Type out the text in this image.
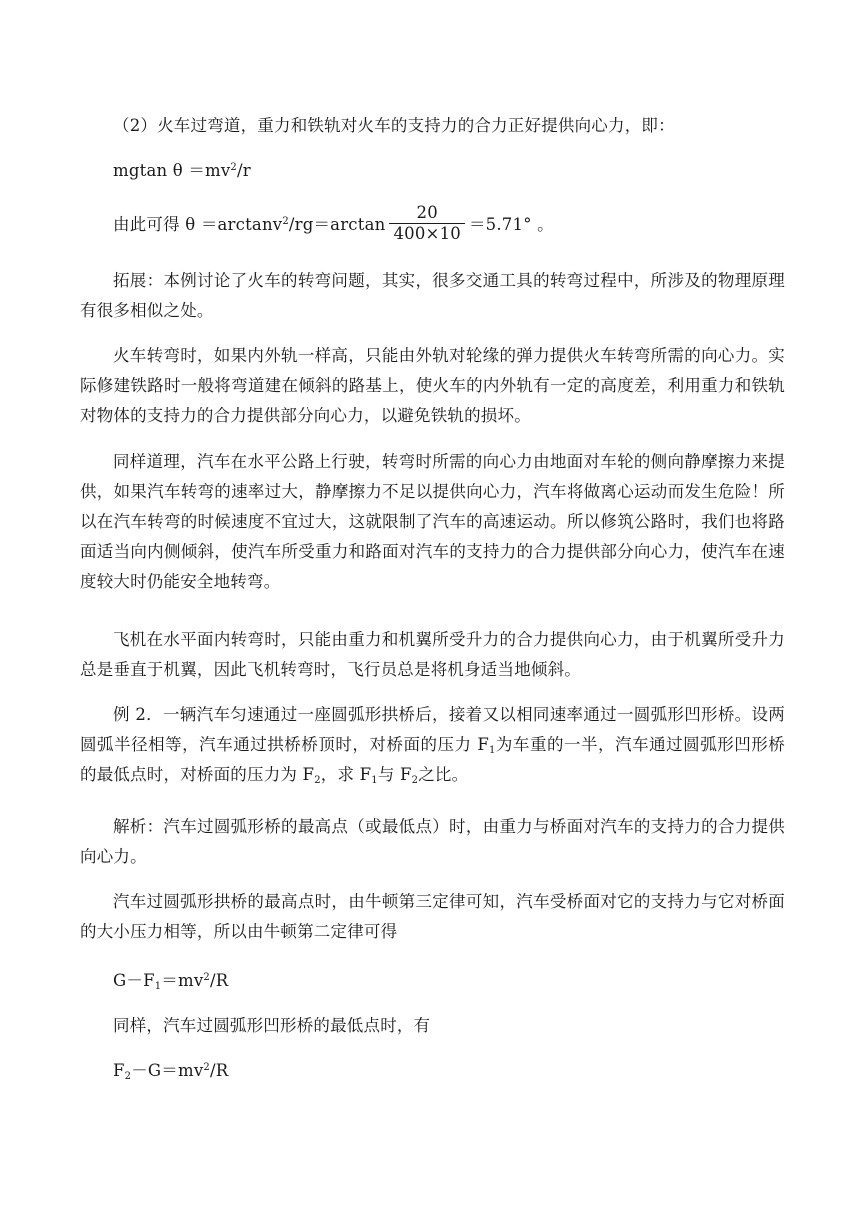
（2）火车过弯道，重力和铁轨对火车的支持力的合力正好提供向心力，即：

mgtan $\theta =mv^2/r$

由此可得 $\theta =\arctan v^2/rg=\arctan \frac{20}{400\times 10} =5.71^\circ$ 。

拓展：本例讨论了火车的转弯问题，其实，很多交通工具的转弯过程中，所涉及的物理原理有很多相似之处。

火车转弯时，如果内外轨一样高，只能由外轨对轮缘的弹力提供火车转弯所需的向心力。实际修建铁路时一般将弯道建在倾斜的路基上，使火车的内外轨有一定的高度差，利用重力和铁轨对物体的支持力的合力提供部分向心力，以避免铁轨的损坏。

同样道理，汽车在水平公路上行驶，转弯时所需的向心力由地面对车轮的侧向静摩擦力来提供，如果汽车转弯的速率过大，静摩擦力不足以提供向心力，汽车将做离心运动而发生危险！所以在汽车转弯的时候速度不宜过大，这就限制了汽车的高速运动。所以修筑公路时，我们也将路面适当向内侧倾斜，使汽车所受重力和路面对汽车的支持力的合力提供部分向心力，使汽车在速度较大时仍能安全地转弯。

飞机在水平面内转弯时，只能由重力和机翼所受升力的合力提供向心力，由于机翼所受升力总是垂直于机翼，因此飞机转弯时，飞行员总是将机身适当地倾斜。

例 2．一辆汽车匀速通过一座圆弧形拱桥后，接着又以相同速率通过一圆弧形凹形桥。设两圆弧半径相等，汽车通过拱桥桥顶时，对桥面的压力 $F_1$为车重的一半，汽车通过圆弧形凹形桥的最低点时，对桥面的压力为 $F_2$，求 $F_1$与 $F_2$之比。

解析：汽车过圆弧形桥的最高点（或最低点）时，由重力与桥面对汽车的支持力的合力提供向心力。

汽车过圆弧形拱桥的最高点时，由牛顿第三定律可知，汽车受桥面对它的支持力与它对桥面的大小压力相等，所以由牛顿第二定律可得

$G-F_1=mv^2/R$

同样，汽车过圆弧形凹形桥的最低点时，有

$F_2-G=mv^2/R$
